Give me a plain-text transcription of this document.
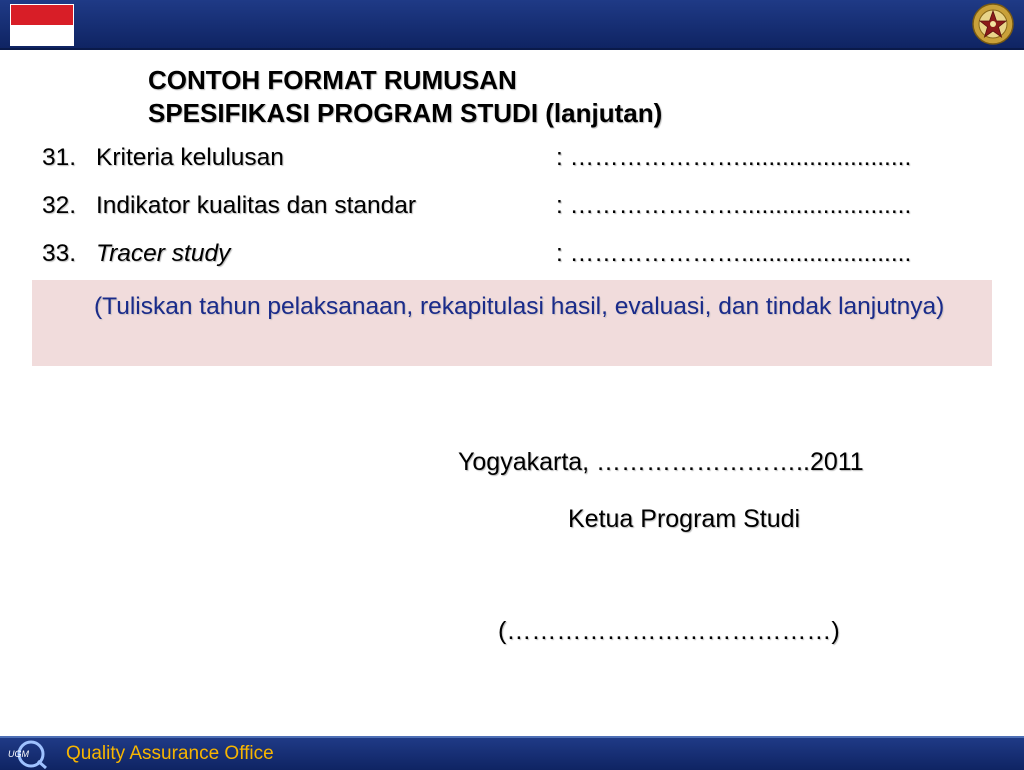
CONTOH FORMAT RUMUSAN
SPESIFIKASI PROGRAM STUDI (lanjutan)
31. Kriteria kelulusan	: ………………….........................
32. Indikator kualitas dan standar	: ………………….........................
33. Tracer study	: ………………….........................
(Tuliskan tahun pelaksanaan, rekapitulasi hasil, evaluasi, dan tindak lanjutnya)
Yogyakarta, ……………………..2011
Ketua Program Studi
(…………………………………)
UGM Quality Assurance Office
